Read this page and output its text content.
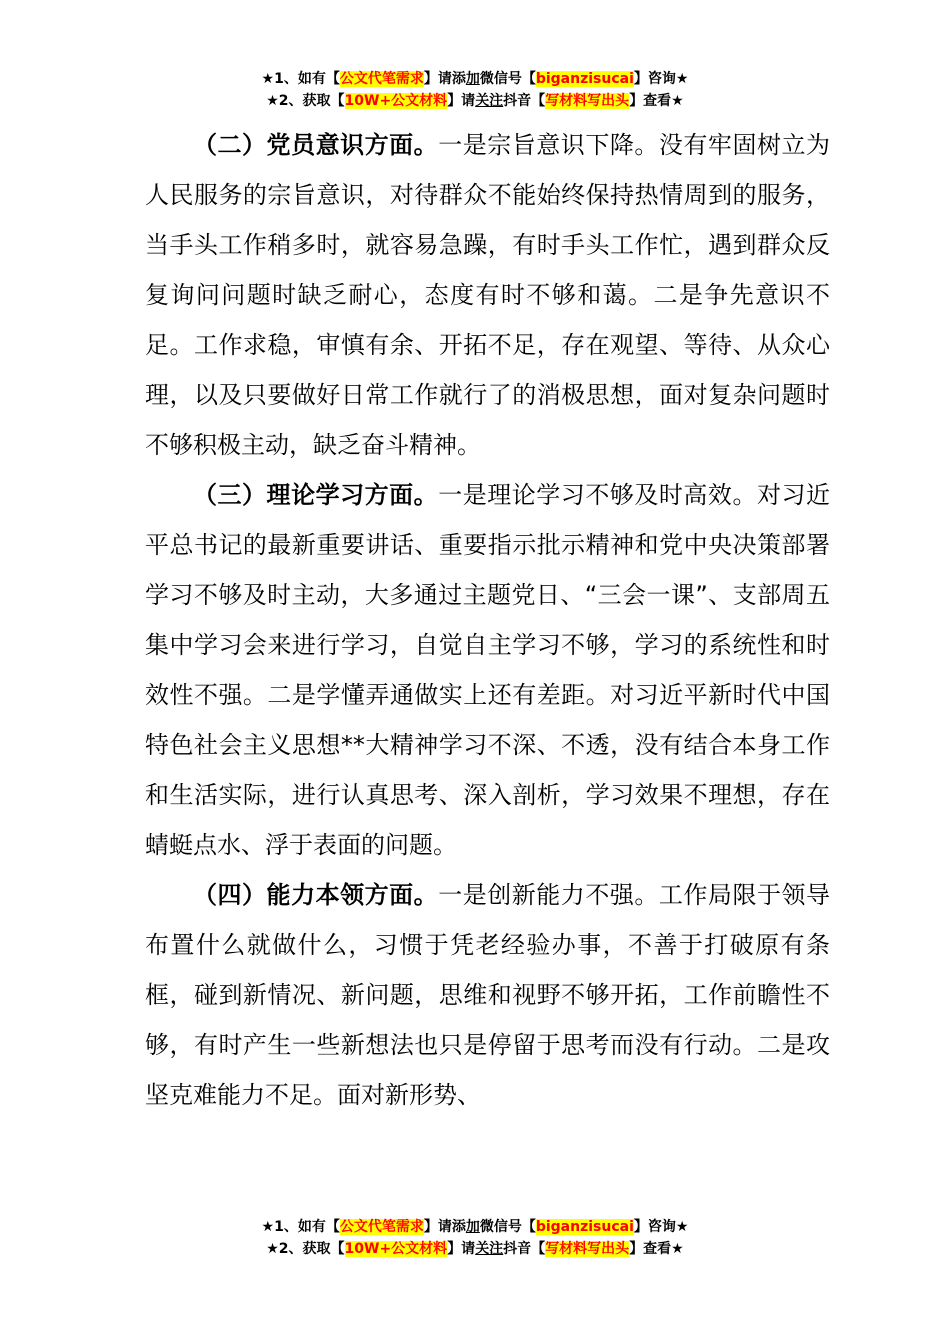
★1、如有【公文代笔需求】请添加微信号【biganzisucai】咨询★
★2、获取【10W+公文材料】请关注抖音【写材料写出头】查看★

（二）党员意识方面。一是宗旨意识下降。没有牢固树立为人民服务的宗旨意识，对待群众不能始终保持热情周到的服务，当手头工作稍多时，就容易急躁，有时手头工作忙，遇到群众反复询问问题时缺乏耐心，态度有时不够和蔼。二是争先意识不足。工作求稳，审慎有余、开拓不足，存在观望、等待、从众心理，以及只要做好日常工作就行了的消极思想，面对复杂问题时不够积极主动，缺乏奋斗精神。

（三）理论学习方面。一是理论学习不够及时高效。对习近平总书记的最新重要讲话、重要指示批示精神和党中央决策部署学习不够及时主动，大多通过主题党日、“三会一课”、支部周五集中学习会来进行学习，自觉自主学习不够，学习的系统性和时效性不强。二是学懂弄通做实上还有差距。对习近平新时代中国特色社会主义思想**大精神学习不深、不透，没有结合本身工作和生活实际，进行认真思考、深入剖析，学习效果不理想，存在蜻蜓点水、浮于表面的问题。

（四）能力本领方面。一是创新能力不强。工作局限于领导布置什么就做什么，习惯于凭老经验办事，不善于打破原有条框，碰到新情况、新问题，思维和视野不够开拓，工作前瞻性不够，有时产生一些新想法也只是停留于思考而没有行动。二是攻坚克难能力不足。面对新形势、

★1、如有【公文代笔需求】请添加微信号【biganzisucai】咨询★
★2、获取【10W+公文材料】请关注抖音【写材料写出头】查看★
